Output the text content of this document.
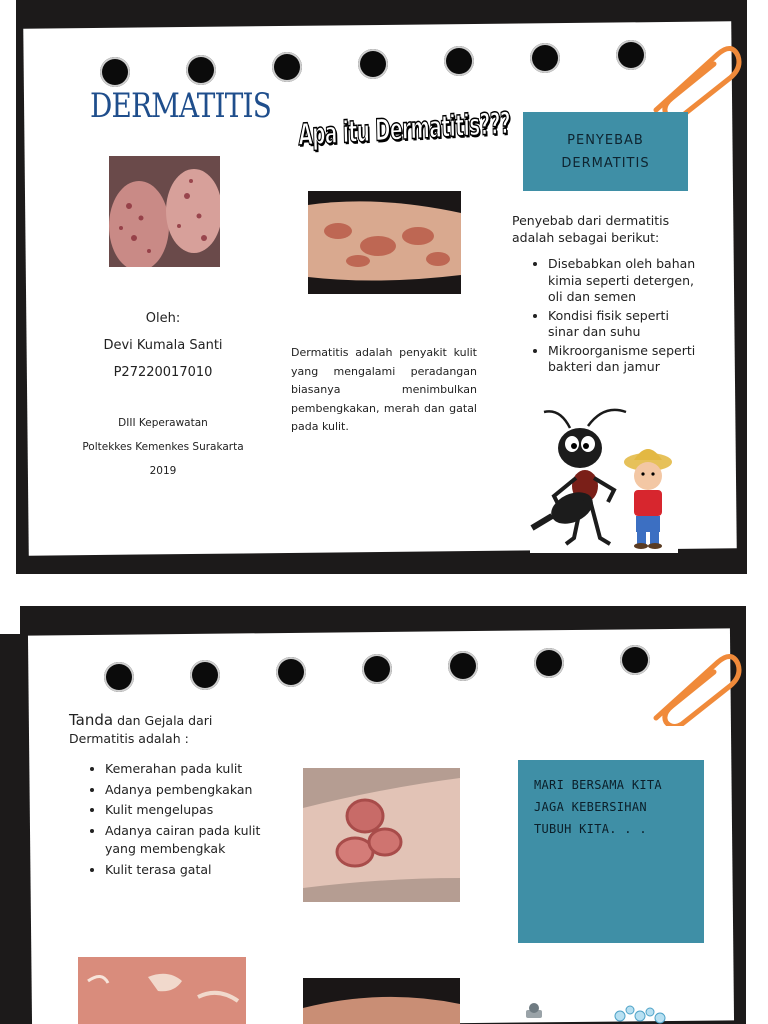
DERMATITIS
Apa itu Dermatitis???
Oleh:
Devi Kumala Santi
P27220017010
DIII Keperawatan
Poltekkes Kemenkes Surakarta
2019
Dermatitis adalah penyakit kulit yang mengalami peradangan biasanya menimbulkan pembengkakan, merah dan gatal pada kulit.
PENYEBAB DERMATITIS
Penyebab dari dermatitis adalah sebagai berikut:
• Disebabkan oleh bahan kimia seperti detergen, oli dan semen
• Kondisi fisik seperti sinar dan suhu
• Mikroorganisme seperti bakteri dan jamur
Tanda dan Gejala dari Dermatitis adalah :
• Kemerahan pada kulit
• Adanya pembengkakan
• Kulit mengelupas
• Adanya cairan pada kulit yang membengkak
• Kulit terasa gatal
MARI BERSAMA KITA JAGA KEBERSIHAN TUBUH KITA. . .
